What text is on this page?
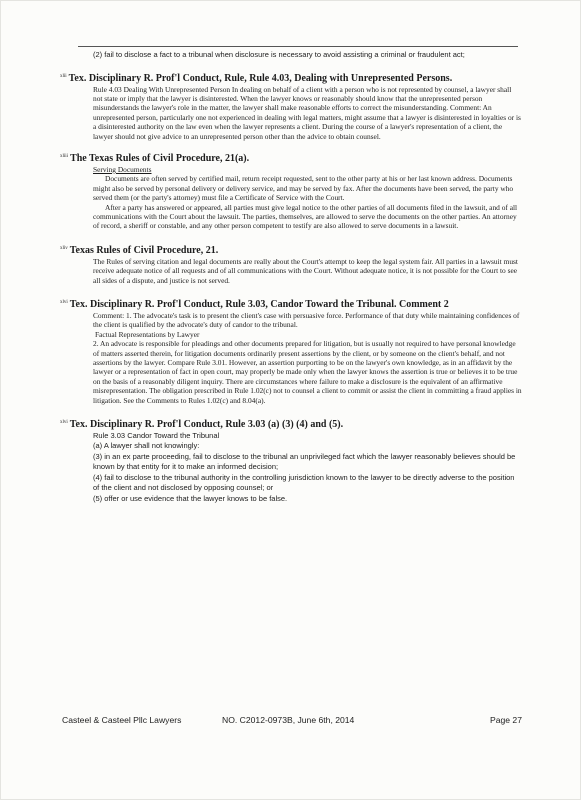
(2) fail to disclose a fact to a tribunal when disclosure is necessary to avoid assisting a criminal or fraudulent act;

$^{xlii}$ Tex. Disciplinary R. Prof'l Conduct, Rule, Rule 4.03, Dealing with Unrepresented Persons.

Rule 4.03 Dealing With Unrepresented Person In dealing on behalf of a client with a person who is not represented by counsel, a lawyer shall not state or imply that the lawyer is disinterested. When the lawyer knows or reasonably should know that the unrepresented person misunderstands the lawyer's role in the matter, the lawyer shall make reasonable efforts to correct the misunderstanding. Comment: An unrepresented person, particularly one not experienced in dealing with legal matters, might assume that a lawyer is disinterested in loyalties or is a disinterested authority on the law even when the lawyer represents a client. During the course of a lawyer's representation of a client, the lawyer should not give advice to an unrepresented person other than the advice to obtain counsel.

$^{xliii}$ The Texas Rules of Civil Procedure, 21(a).
Serving Documents

Documents are often served by certified mail, return receipt requested, sent to the other party at his or her last known address. Documents might also be served by personal delivery or delivery service, and may be served by fax. After the documents have been served, the party who served them (or the party's attorney) must file a Certificate of Service with the Court.

After a party has answered or appeared, all parties must give legal notice to the other parties of all documents filed in the lawsuit, and of all communications with the Court about the lawsuit. The parties, themselves, are allowed to serve the documents on the other parties. An attorney of record, a sheriff or constable, and any other person competent to testify are also allowed to serve documents in a lawsuit.

$^{xliv}$ Texas Rules of Civil Procedure, 21.

The Rules of serving citation and legal documents are really about the Court's attempt to keep the legal system fair. All parties in a lawsuit must receive adequate notice of all requests and of all communications with the Court. Without adequate notice, it is not possible for the Court to see all sides of a dispute, and justice is not served.

$^{xlvi}$ Tex. Disciplinary R. Prof'l Conduct, Rule 3.03, Candor Toward the Tribunal. Comment 2

Comment: 1. The advocate's task is to present the client's case with persuasive force. Performance of that duty while maintaining confidences of the client is qualified by the advocate's duty of candor to the tribunal.

Factual Representations by Lawyer

2. An advocate is responsible for pleadings and other documents prepared for litigation, but is usually not required to have personal knowledge of matters asserted therein, for litigation documents ordinarily present assertions by the client, or by someone on the client's behalf, and not assertions by the lawyer. Compare Rule 3.01. However, an assertion purporting to be on the lawyer's own knowledge, as in an affidavit by the lawyer or a representation of fact in open court, may properly be made only when the lawyer knows the assertion is true or believes it to be true on the basis of a reasonably diligent inquiry. There are circumstances where failure to make a disclosure is the equivalent of an affirmative misrepresentation. The obligation prescribed in Rule 1.02(c) not to counsel a client to commit or assist the client in committing a fraud applies in litigation. See the Comments to Rules 1.02(c) and 8.04(a).

$^{xlvi}$ Tex. Disciplinary R. Prof'l Conduct, Rule 3.03 (a) (3) (4) and (5).
Rule 3.03 Candor Toward the Tribunal
(a) A lawyer shall not knowingly:
(3) in an ex parte proceeding, fail to disclose to the tribunal an unprivileged fact which the lawyer reasonably believes should be known by that entity for it to make an informed decision;
(4) fail to disclose to the tribunal authority in the controlling jurisdiction known to the lawyer to be directly adverse to the position of the client and not disclosed by opposing counsel; or
(5) offer or use evidence that the lawyer knows to be false.
Casteel & Casteel Pllc Lawyers	NO. C2012-0973B, June 6th, 2014	Page 27
